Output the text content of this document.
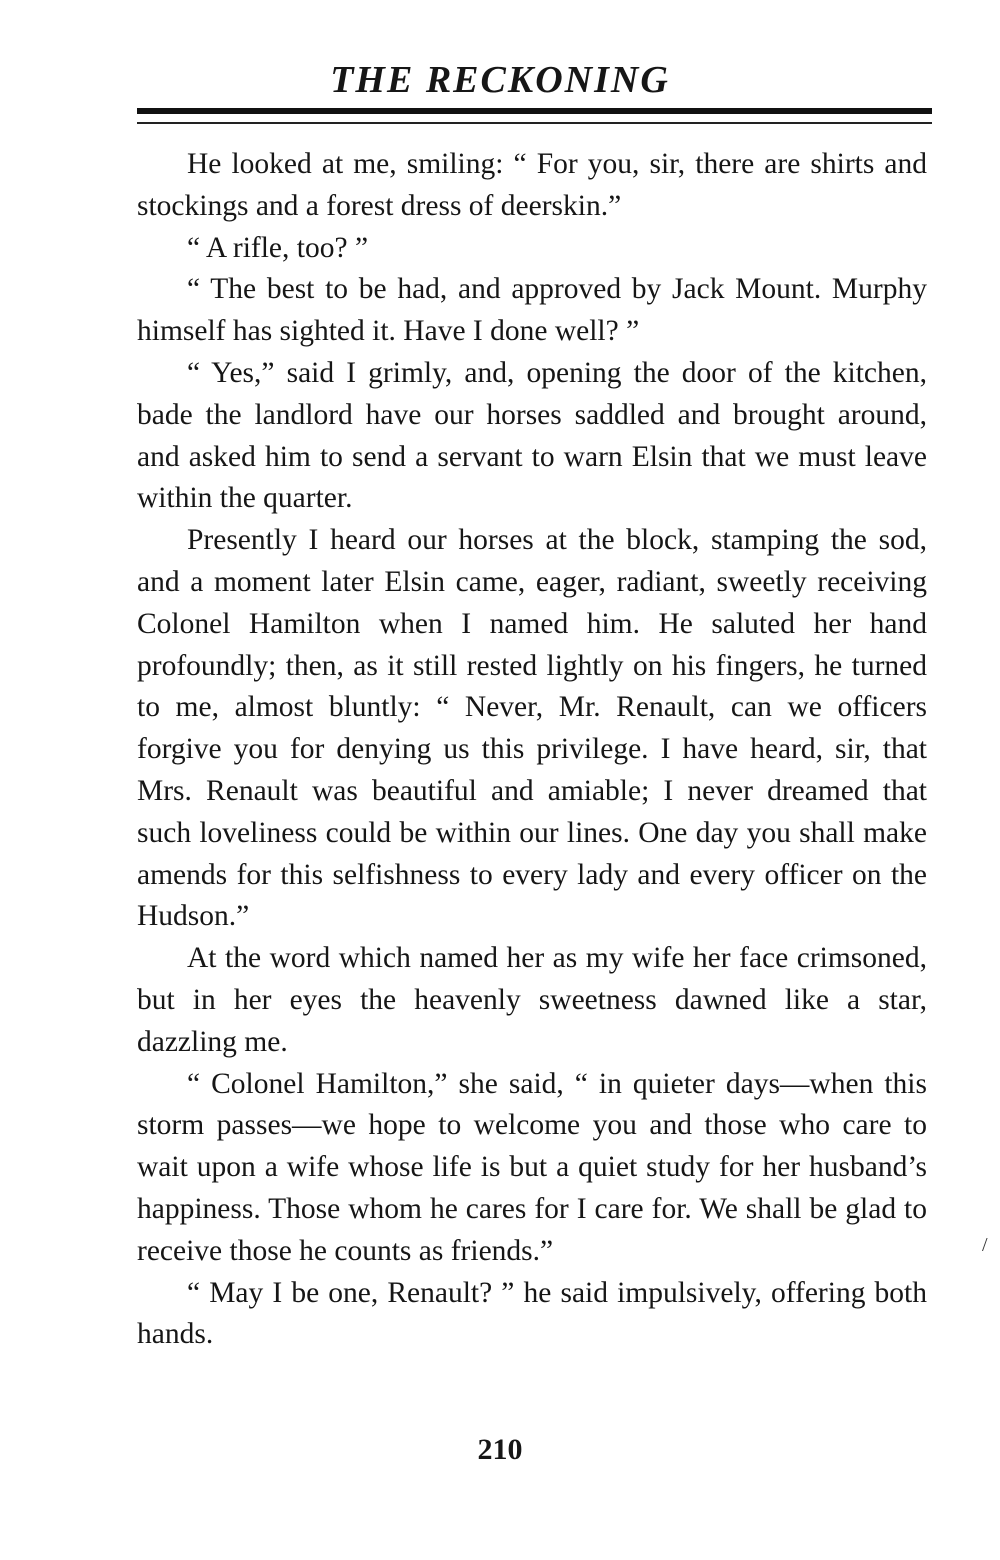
THE RECKONING

He looked at me, smiling: “ For you, sir, there are shirts and stockings and a forest dress of deerskin.”

“ A rifle, too? ”

“ The best to be had, and approved by Jack Mount. Murphy himself has sighted it. Have I done well? ”

“ Yes,” said I grimly, and, opening the door of the kitchen, bade the landlord have our horses saddled and brought around, and asked him to send a servant to warn Elsin that we must leave within the quarter.

Presently I heard our horses at the block, stamping the sod, and a moment later Elsin came, eager, radiant, sweetly receiving Colonel Hamilton when I named him. He saluted her hand profoundly; then, as it still rested lightly on his fingers, he turned to me, almost bluntly: “ Never, Mr. Renault, can we officers forgive you for denying us this privilege. I have heard, sir, that Mrs. Renault was beautiful and amiable; I never dreamed that such loveliness could be within our lines. One day you shall make amends for this selfishness to every lady and every officer on the Hudson.”

At the word which named her as my wife her face crimsoned, but in her eyes the heavenly sweetness dawned like a star, dazzling me.

“ Colonel Hamilton,” she said, “ in quieter days—when this storm passes—we hope to welcome you and those who care to wait upon a wife whose life is but a quiet study for her husband’s happiness. Those whom he cares for I care for. We shall be glad to receive those he counts as friends.”

“ May I be one, Renault? ” he said impulsively, offering both hands.

/
210
